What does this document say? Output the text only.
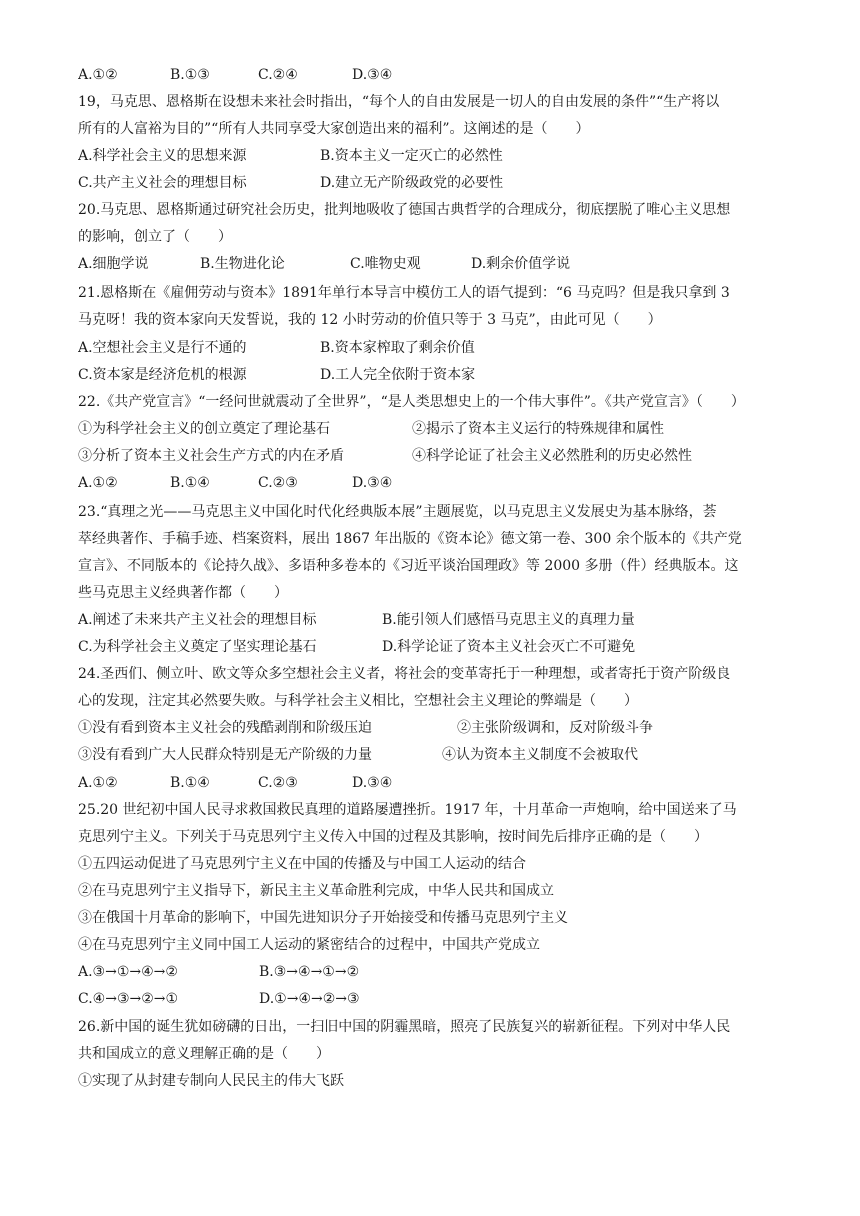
A.①②	B.①③	C.②④	D.③④
19，马克思、恩格斯在设想未来社会时指出，“每个人的自由发展是一切人的自由发展的条件”“生产将以
所有的人富裕为目的”“所有人共同享受大家创造出来的福利”。这阐述的是（　　）
A.科学社会主义的思想来源	B.资本主义一定灭亡的必然性
C.共产主义社会的理想目标	D.建立无产阶级政党的必要性
20.马克思、恩格斯通过研究社会历史，批判地吸收了德国古典哲学的合理成分，彻底摆脱了唯心主义思想
的影响，创立了（　　）
A.细胞学说	B.生物进化论	C.唯物史观	D.剩余价值学说
21.恩格斯在《雇佣劳动与资本》1891年单行本导言中模仿工人的语气提到：“6 马克吗？但是我只拿到 3
马克呀！我的资本家向天发誓说，我的 12 小时劳动的价值只等于 3 马克”，由此可见（　　）
A.空想社会主义是行不通的	B.资本家榨取了剩余价值
C.资本家是经济危机的根源	D.工人完全依附于资本家
22.《共产党宣言》“一经问世就震动了全世界”，“是人类思想史上的一个伟大事件”。《共产党宣言》（　　）
①为科学社会主义的创立奠定了理论基石	②揭示了资本主义运行的特殊规律和属性
③分析了资本主义社会生产方式的内在矛盾	④科学论证了社会主义必然胜利的历史必然性
A.①②	B.①④	C.②③	D.③④
23.“真理之光——马克思主义中国化时代化经典版本展”主题展览，以马克思主义发展史为基本脉络，荟
萃经典著作、手稿手迹、档案资料，展出 1867 年出版的《资本论》德文第一卷、300 余个版本的《共产党
宣言》、不同版本的《论持久战》、多语种多卷本的《习近平谈治国理政》等 2000 多册（件）经典版本。这
些马克思主义经典著作都（　　）
A.阐述了未来共产主义社会的理想目标	B.能引领人们感悟马克思主义的真理力量
C.为科学社会主义奠定了坚实理论基石	D.科学论证了资本主义社会灭亡不可避免
24.圣西们、侧立叶、欧文等众多空想社会主义者，将社会的变革寄托于一种理想，或者寄托于资产阶级良
心的发现，注定其必然要失败。与科学社会主义相比，空想社会主义理论的弊端是（　　）
①没有看到资本主义社会的残酷剥削和阶级压迫	②主张阶级调和，反对阶级斗争
③没有看到广大人民群众特别是无产阶级的力量	④认为资本主义制度不会被取代
A.①②	B.①④	C.②③	D.③④
25.20 世纪初中国人民寻求救国救民真理的道路屡遭挫折。1917 年，十月革命一声炮响，给中国送来了马
克思列宁主义。下列关于马克思列宁主义传入中国的过程及其影响，按时间先后排序正确的是（　　）
①五四运动促进了马克思列宁主义在中国的传播及与中国工人运动的结合
②在马克思列宁主义指导下，新民主主义革命胜利完成，中华人民共和国成立
③在俄国十月革命的影响下，中国先进知识分子开始接受和传播马克思列宁主义
④在马克思列宁主义同中国工人运动的紧密结合的过程中，中国共产党成立
A.③→①→④→②	B.③→④→①→②
C.④→③→②→①	D.①→④→②→③
26.新中国的诞生犹如磅礴的日出，一扫旧中国的阴霾黑暗，照亮了民族复兴的崭新征程。下列对中华人民
共和国成立的意义理解正确的是（　　）
①实现了从封建专制向人民民主的伟大飞跃
